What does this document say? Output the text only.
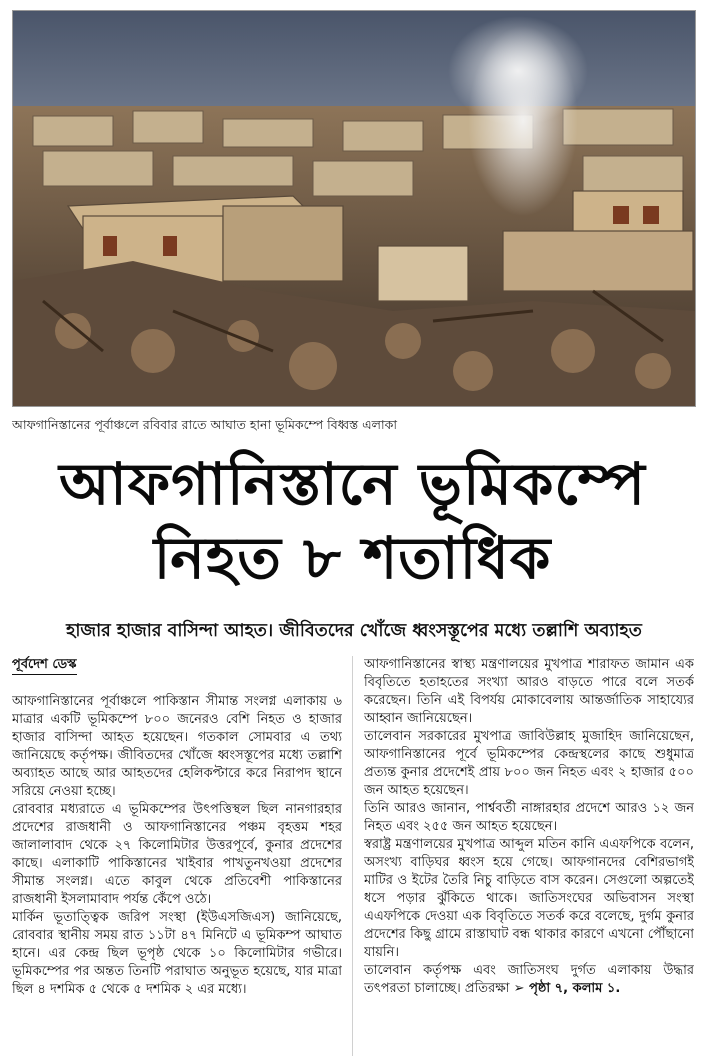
আফগানিস্তানের পূর্বাঞ্চলে রবিবার রাতে আঘাত হানা ভূমিকম্পে বিধ্বস্ত এলাকা
আফগানিস্তানে ভূমিকম্পে
নিহত ৮ শতাধিক
হাজার হাজার বাসিন্দা আহত। জীবিতদের খোঁজে ধ্বংসস্তূপের মধ্যে তল্লাশি অব্যাহত
পূর্বদেশ ডেস্ক

আফগানিস্তানের পূর্বাঞ্চলে পাকিস্তান সীমান্ত সংলগ্ন এলাকায় ৬ মাত্রার একটি ভূমিকম্পে ৮০০ জনেরও বেশি নিহত ও হাজার হাজার বাসিন্দা আহত হয়েছেন। গতকাল সোমবার এ তথ্য জানিয়েছে কর্তৃপক্ষ। জীবিতদের খোঁজে ধ্বংসস্তূপের মধ্যে তল্লাশি অব্যাহত আছে আর আহতদের হেলিকপ্টারে করে নিরাপদ স্থানে সরিয়ে নেওয়া হচ্ছে।

রোববার মধ্যরাতে এ ভূমিকম্পের উৎপত্তিস্থল ছিল নানগারহার প্রদেশের রাজধানী ও আফগানিস্তানের পঞ্চম বৃহত্তম শহর জালালাবাদ থেকে ২৭ কিলোমিটার উত্তরপূর্বে, কুনার প্রদেশের কাছে। এলাকাটি পাকিস্তানের খাইবার পাখতুনখওয়া প্রদেশের সীমান্ত সংলগ্ন। এতে কাবুল থেকে প্রতিবেশী পাকিস্তানের রাজধানী ইসলামাবাদ পর্যন্ত কেঁপে ওঠে।

মার্কিন ভূতাত্ত্বিক জরিপ সংস্থা (ইউএসজিএস) জানিয়েছে, রোববার স্থানীয় সময় রাত ১১টা ৪৭ মিনিটে এ ভূমিকম্প আঘাত হানে। এর কেন্দ্র ছিল ভূপৃষ্ঠ থেকে ১০ কিলোমিটার গভীরে। ভূমিকম্পের পর অন্তত তিনটি পরাঘাত অনুভূত হয়েছে, যার মাত্রা ছিল ৪ দশমিক ৫ থেকে ৫ দশমিক ২ এর মধ্যে।

আফগানিস্তানের স্বাস্থ্য মন্ত্রণালয়ের মুখপাত্র শারাফত জামান এক বিবৃতিতে হতাহতের সংখ্যা আরও বাড়তে পারে বলে সতর্ক করেছেন। তিনি এই বিপর্যয় মোকাবেলায় আন্তর্জাতিক সাহায্যের আহ্বান জানিয়েছেন।

তালেবান সরকারের মুখপাত্র জাবিউল্লাহ মুজাহিদ জানিয়েছেন, আফগানিস্তানের পূর্বে ভূমিকম্পের কেন্দ্রস্থলের কাছে শুধুমাত্র প্রত্যন্ত কুনার প্রদেশেই প্রায় ৮০০ জন নিহত এবং ২ হাজার ৫০০ জন আহত হয়েছেন।

তিনি আরও জানান, পার্শ্ববর্তী নাঙ্গারহার প্রদেশে আরও ১২ জন নিহত এবং ২৫৫ জন আহত হয়েছেন।

স্বরাষ্ট্র মন্ত্রণালয়ের মুখপাত্র আব্দুল মতিন কানি এএফপিকে বলেন, অসংখ্য বাড়িঘর ধ্বংস হয়ে গেছে। আফগানদের বেশিরভাগই মাটির ও ইটের তৈরি নিচু বাড়িতে বাস করেন। সেগুলো অল্পতেই ধসে পড়ার ঝুঁকিতে থাকে। জাতিসংঘের অভিবাসন সংস্থা এএফপিকে দেওয়া এক বিবৃতিতে সতর্ক করে বলেছে, দুর্গম কুনার প্রদেশের কিছু গ্রামে রাস্তাঘাট বন্ধ থাকার কারণে এখনো পৌঁছানো যায়নি।

তালেবান কর্তৃপক্ষ এবং জাতিসংঘ দুর্গত এলাকায় উদ্ধার তৎপরতা চালাচ্ছে। প্রতিরক্ষা ➢ পৃষ্ঠা ৭, কলাম ১.
